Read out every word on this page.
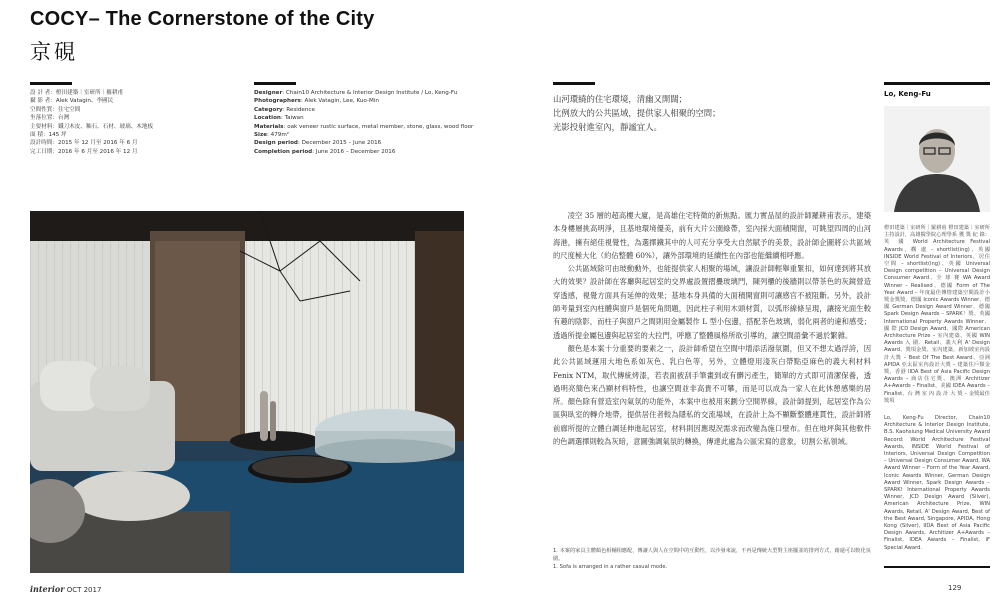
COCY– The Cornerstone of the City
京硯
設 計 者：橙田建築｜室研所｜羅耕甫
攝 影 者：Alek Vatagin、李國民
空間性質：住宅空間
坐落位置：台灣
主要材料：鐵刀木皮、釉石、石材、玻璃、木地板
面 積：145 坪
設計時間：2015 年 12 月至 2016 年 6 月
完工日期：2016 年 6 月至 2016 年 12 月
Designer: Chain10 Architecture & Interior Design Institute / Lo, Keng-Fu
Photographers: Alek Vatagin, Lee, Kuo-Min
Category: Residence
Location: Taiwan
Materials: oak veneer rustic surface, metal member, stone, glass, wood floor
Size: 479m²
Design period: December 2015 – June 2016
Completion period: June 2016 – December 2016
山河環繞的住宅環境，清幽又開闊；
比例放大的公共區域，提供家人相聚的空間；
光影投射進室內，靜謐宜人。

凌空 35 層的超高樓大廈，是高雄住宅特徵的新焦點。匯力實品屋的設計師羅耕甫表示，建築本身樓層挑高明淨，且基地環境優美，前有大片公園綠帶，室內採大面積開窗，可眺望四周的山河海港，擁有絕佳視覺性，為選擇鐵其中的人可充分享受大自然賦予的美景，設計師企圖將公共區域的尺度極大化（約佔整體 60%），讓外部環境的延續性在內部也能繼續相呼應。

公共區域除可由玻動動外，也能提供家人相聚的場域，讓設計師輕舉重緊扣，如何達到將其放大的效果？設計師在客廳與起居室的交界處設置摺疊玻璃門，陳列櫃的後牆則以帶茶色的灰鏡營造穿透感，視覺方面具有延伸的效果；基地本身具備的大面積開窗則可讓感官不被阻斷。另外，設計師考量到室內柱體與窗戶是個死角問題，因此柱子利用木頭材質，以弧形線條呈現，讓接光面生較有趣的陰影，而柱子與窗戶之間則用金屬製作 L 型小包邊，搭配茶色玻璃，弱化兩者的違和感受；透過所提金屬包邊與起居室的大拉門，呼應了整體風格所欲引導的，讓空間語彙不過於繁雜。

顏色是本案十分重要的要素之一，設計師希望在空間中增添活潑氛圍，但又不想太過浮誇，因此公共區域運用大地色系如灰色、乳白色等，另外，立體燈用淺灰白帶點亞麻色的義大利材料 Fenix NTM，取代傳統烤漆，若表面被刮手筆畫到或有髒污產生，簡單的方式即可清潔保養，透過明亮簡色來凸顯材料特性，也讓空間並非高貴不可攀，而是可以成為一家人在此休憩感樂的居所。顏色除有營造室內氣氛的功能外，本案中也被用來劃分空間界線，設計師提到，起居室作為公區與臥室的轉介地帶，提供居住者較為隱私的交流場域，在設計上為不顯斷整體連貫性，設計師將前廊所提的立體白調延伸進起居室，材料則因應現況需求而改變為施口壁布。但在地坪與其他軟件的色調選擇則較為灰暗，意圖強調氣氛的轉換，傳達此處為公區宋寫的意象，切割公私領域。

1. 本案的家具主體顏色相輔相應配，傳讓人與人在空間中的互動性，以沙發來說，不再是傳統大型對主座擺並的排列方式，藉還可以較化氛圍。
1. Sofa is arranged in a rather casual mode.
Lo, Keng-Fu
橙田建築｜室研所｜羅耕甫 橙田建築｜室研所 主持設計，高雄醫學院心理學系 獲 獎 紀 錄：英 國 World Architecture Festival Awards，觀 處 – shortlist(ing)、英國 INSIDE World Festival of Interiors，居住空間 – shortlist(ing)、英國 Universal Design competition – Universal Design Consumer Award、全 球 賽 WA Award Winner – Realised、德國 Form of The Year Award – 年度最佳傳情建築空間設計小獎金獎獎、德國 Iconic Awards Winner、德國 German Design Award Winner、德國 Spark Design Awards – SPARK！獎、英國 International Property Awards Winner、國 際 JCD Design Award、國際 American Architecture Prize – 室內建築、英國 WIN Awards 入 圍、Retail、義大利 A' Design Award、獎項金獎、室內建築，新加坡室內設計大獎 – Best Of The Best Award、亞洲 APIDA 亞太區室內設計大獎 – 建築住戶類金獎、香港 IIDA Best of Asia Pacific Design Awards – 商店住宅獎、澳洲 Architizer A+Awards – Finalist、美國 IDEA Awards – Finalist、台 灣 室 內 設 計 大 獎 – 金獎最佳獎項
Lo, Keng-Fu Director, Chain10 Architecture & Interior Design Institute, B.S. Kaohsiung Medical University Award Record: World Architecture Festival Awards, INSIDE World Festival of Interiors, Universal Design Competition – Universal Design Consumer Award, WA Award Winner – Form of the Year Award, Iconic Awards Winner, German Design Award Winner, Spark Design Awards – SPARK! International Property Awards Winner, JCD Design Award (Silver), American Architecture Prize, WIN Awards, Retail, A' Design Award, Best of the Best Award, Singapore, APIDA, Hong Kong (Silver), IIDA Best of Asia Pacific Design Awards, Architizer A+Awards – Finalist, IDEA Awards – Finalist, iF Special Award.
interior OCT 2017	129
